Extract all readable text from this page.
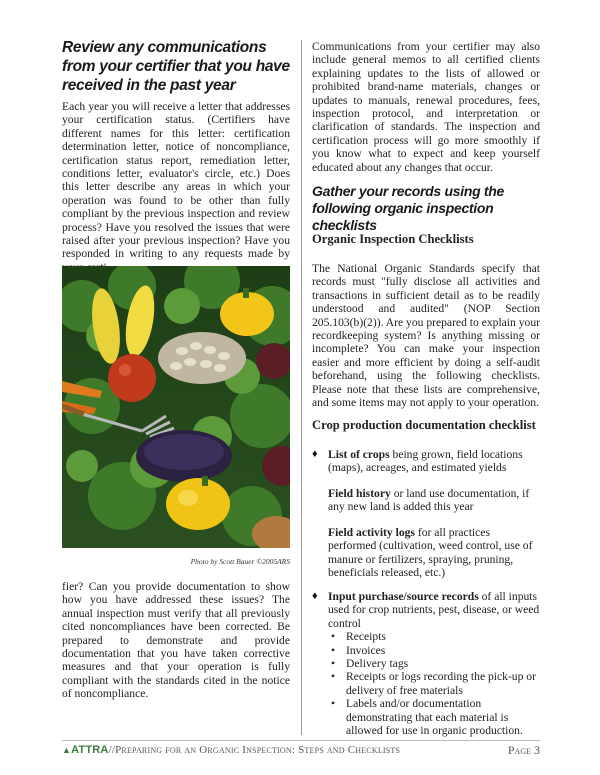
Review any communications from your certifier that you have received in the past year

Each year you will receive a letter that addresses your certification status. (Certifiers have different names for this letter: certification determination letter, notice of noncompliance, certification status report, remediation letter, conditions letter, evaluator's circle, etc.) Does this letter describe any areas in which your operation was found to be other than fully compliant by the previous inspection and review process? Have you resolved the issues that were raised after your previous inspection? Have you responded in writing to any requests made by

Photo by Scott Bauer ©2005ARS

fier? Can you provide documentation to show how you have addressed these issues? The annual inspection must verify that all previously cited noncompliances have been corrected. Be prepared to demonstrate and provide documentation that you have taken corrective measures and that your operation is fully compliant with the standards cited in the notice of noncompliance.

Communications from your certifier may also include general memos to all certified clients explaining updates to the lists of allowed or prohibited brand-name materials, changes or updates to manuals, renewal procedures, fees, inspection protocol, and interpretation or clarification of standards. The inspection and certification process will go more smoothly if you know what to expect and keep yourself educated about any changes that occur.

Gather your records using the following organic inspection checklists
Organic Inspection Checklists

The National Organic Standards specify that records must "fully disclose all activities and transactions in sufficient detail as to be readily understood and audited" (NOP Section 205.103(b)(2)). Are you prepared to explain your recordkeeping system? Is anything missing or incomplete? You can make your inspection easier and more efficient by doing a self-audit beforehand, using the following checklists. Please note that these lists are comprehensive, and some items may not apply to your operation.

Crop production documentation checklist
♦ List of crops being grown, field locations (maps), acreages, and estimated yields
Field history or land use documentation, if any new land is added this year
Field activity logs for all practices performed (cultivation, weed control, use of manure or fertilizers, spraying, pruning, beneficials released, etc.)
♦ Input purchase/source records of all inputs used for crop nutrients, pest, disease, or weed control
• Receipts
• Invoices
• Delivery tags
• Receipts or logs recording the pick-up or delivery of free materials
• Labels and/or documentation demonstrating that each material is allowed for use in organic production.
▲ATTRA//Preparing for an Organic Inspection: Steps and Checklists	Page 3
